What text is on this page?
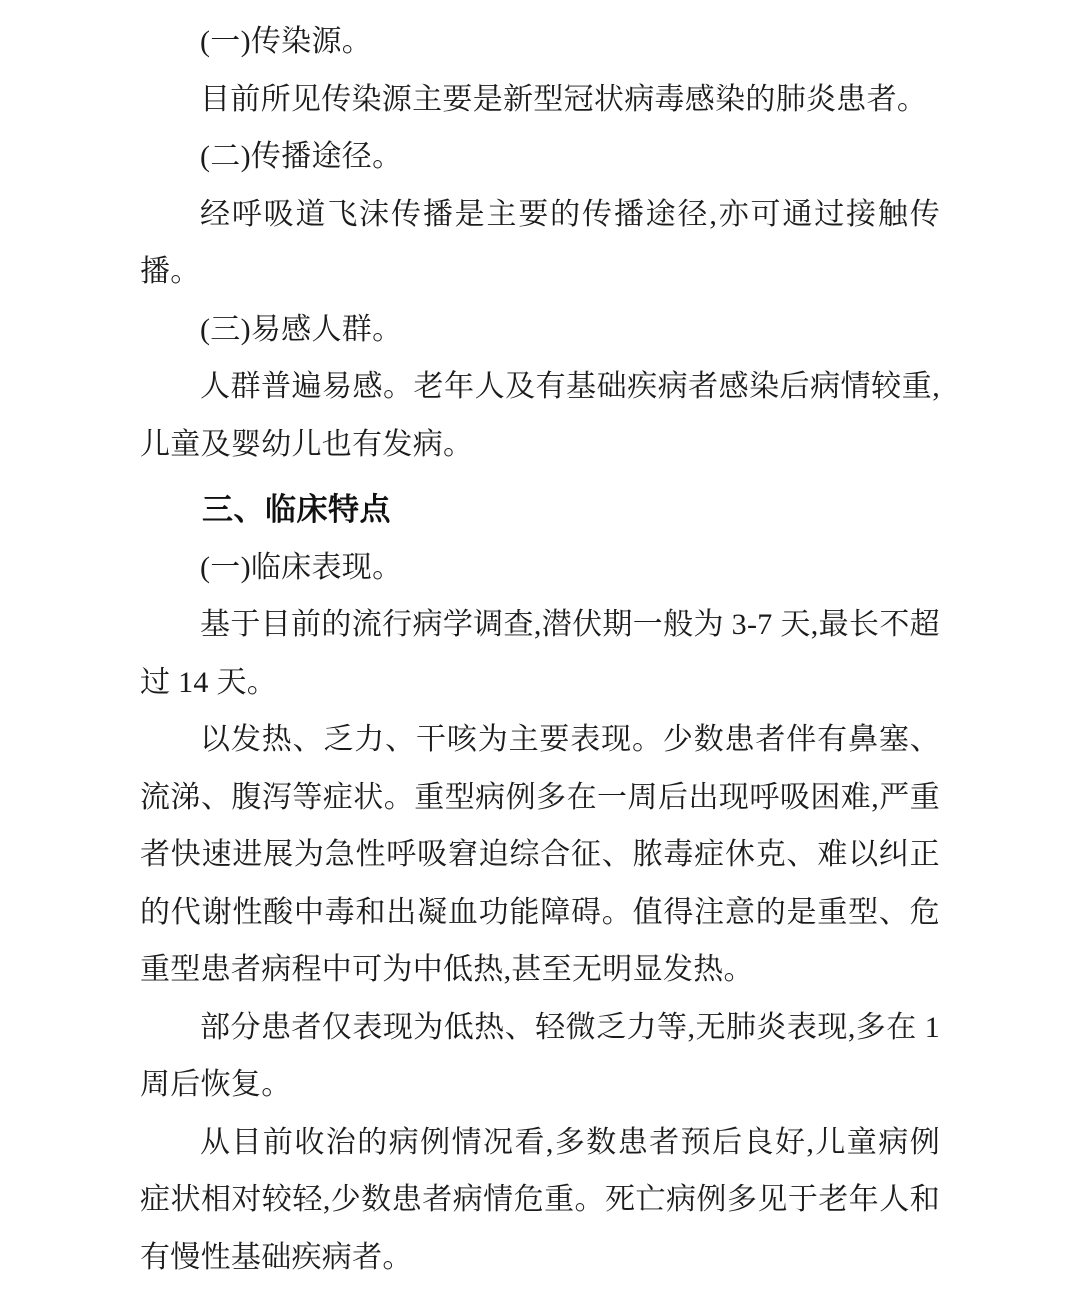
(一)传染源。

目前所见传染源主要是新型冠状病毒感染的肺炎患者。

(二)传播途径。

经呼吸道飞沫传播是主要的传播途径,亦可通过接触传播。

(三)易感人群。

人群普遍易感。老年人及有基础疾病者感染后病情较重,儿童及婴幼儿也有发病。

三、临床特点

(一)临床表现。

基于目前的流行病学调查,潜伏期一般为 3-7 天,最长不超过 14 天。

以发热、乏力、干咳为主要表现。少数患者伴有鼻塞、流涕、腹泻等症状。重型病例多在一周后出现呼吸困难,严重者快速进展为急性呼吸窘迫综合征、脓毒症休克、难以纠正的代谢性酸中毒和出凝血功能障碍。值得注意的是重型、危重型患者病程中可为中低热,甚至无明显发热。

部分患者仅表现为低热、轻微乏力等,无肺炎表现,多在 1 周后恢复。

从目前收治的病例情况看,多数患者预后良好,儿童病例症状相对较轻,少数患者病情危重。死亡病例多见于老年人和有慢性基础疾病者。
